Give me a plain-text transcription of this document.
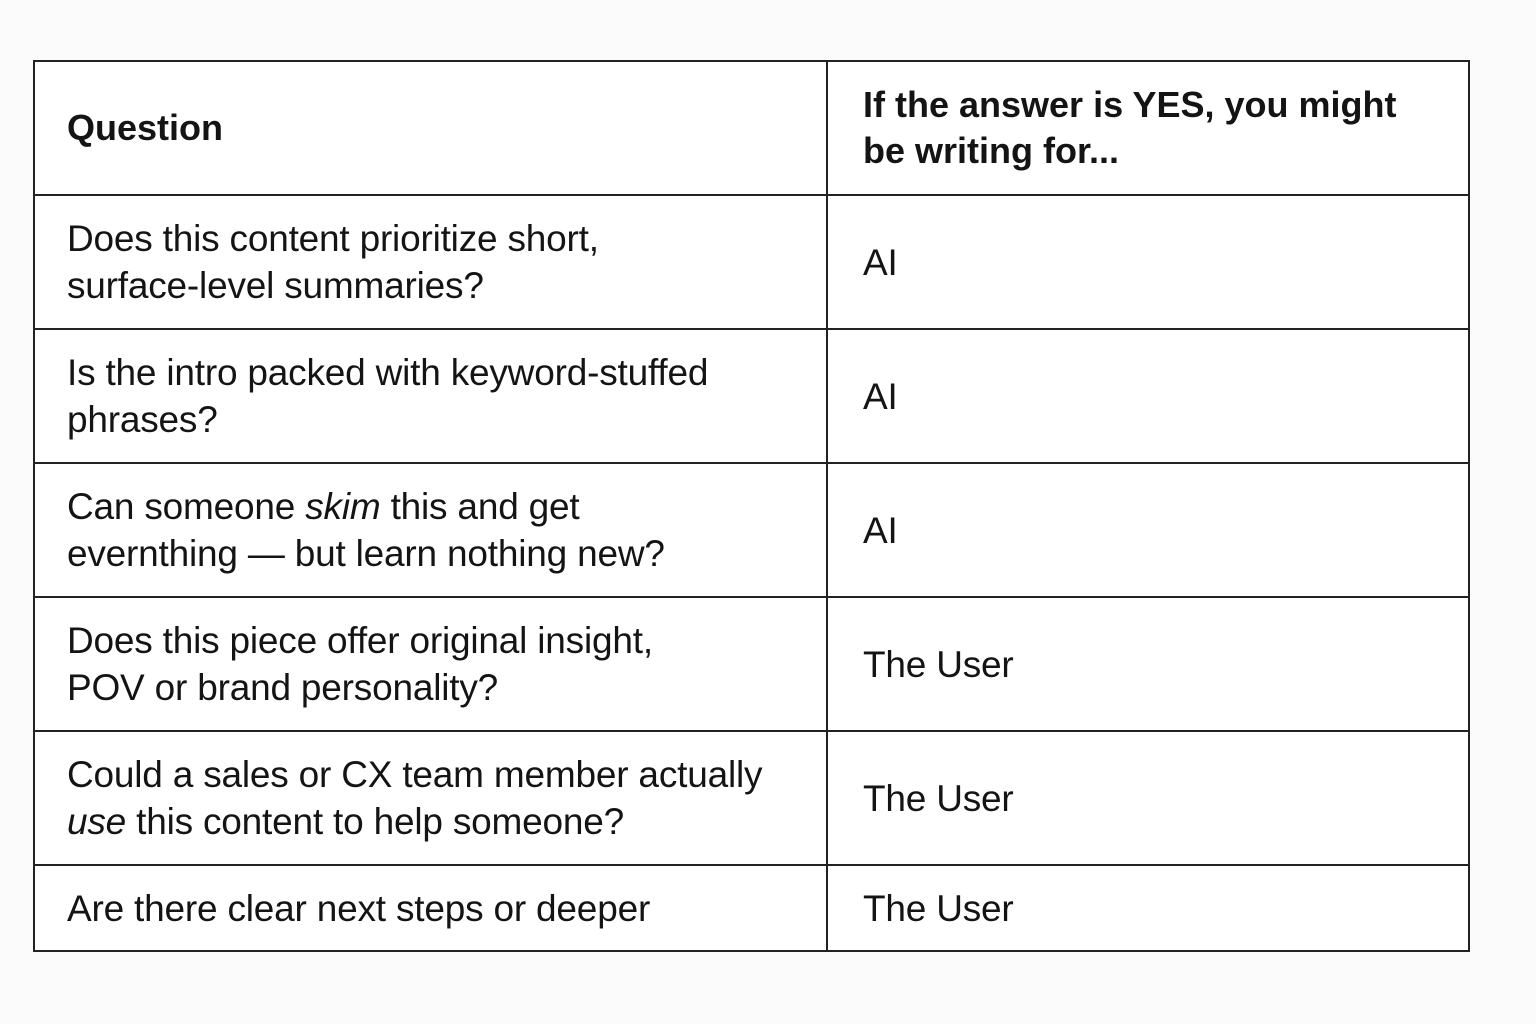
Question	If the answer is YES, you might be writing for...

Does this content prioritize short,
surface-level summaries?	AI

Is the intro packed with keyword-stuffed
phrases?	AI

Can someone skim this and get
evernthing — but learn nothing new?	AI

Does this piece offer original insight,
POV or brand personality?	The User

Could a sales or CX team member actually
use this content to help someone?	The User

Are there clear next steps or deeper	The User
